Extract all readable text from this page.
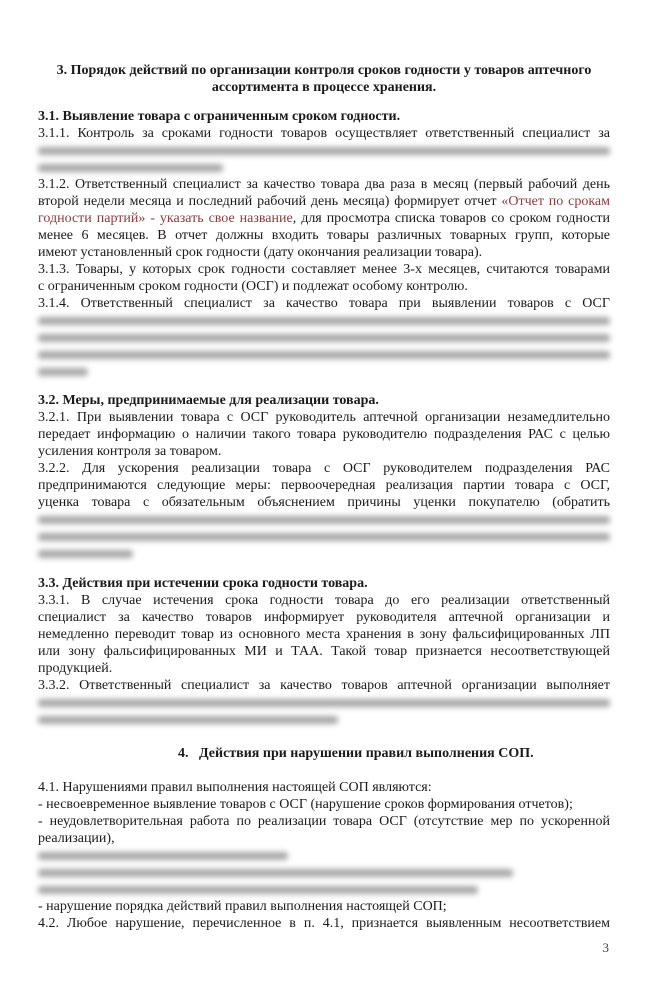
3. Порядок действий по организации контроля сроков годности у товаров аптечного
ассортимента в процессе хранения.
3.1. Выявление товара с ограниченным сроком годности.
3.1.1. Контроль за сроками годности товаров осуществляет ответственный специалист за
3.1.2. Ответственный специалист за качество товара два раза в месяц (первый рабочий день
второй недели месяца и последний рабочий день месяца) формирует отчет «Отчет по срокам
годности партий» - указать свое название, для просмотра списка товаров со сроком годности
менее 6 месяцев. В отчет должны входить товары различных товарных групп, которые
имеют установленный срок годности (дату окончания реализации товара).
3.1.3. Товары, у которых срок годности составляет менее 3-х месяцев, считаются товарами
с ограниченным сроком годности (ОСГ) и подлежат особому контролю.
3.1.4. Ответственный специалист за качество товара при выявлении товаров с ОСГ
3.2. Меры, предпринимаемые для реализации товара.
3.2.1. При выявлении товара с ОСГ руководитель аптечной организации незамедлительно
передает информацию о наличии такого товара руководителю подразделения РАС с целью
усиления контроля за товаром.
3.2.2. Для ускорения реализации товара с ОСГ руководителем подразделения РАС
предпринимаются следующие меры: первоочередная реализация партии товара с ОСГ,
уценка товара с обязательным объяснением причины уценки покупателю (обратить
3.3. Действия при истечении срока годности товара.
3.3.1. В случае истечения срока годности товара до его реализации ответственный
специалист за качество товаров информирует руководителя аптечной организации и
немедленно переводит товар из основного места хранения в зону фальсифицированных ЛП
или зону фальсифицированных МИ и ТАА. Такой товар признается несоответствующей
продукцией.
3.3.2. Ответственный специалист за качество товаров аптечной организации выполняет
4.   Действия при нарушении правил выполнения СОП.
4.1. Нарушениями правил выполнения настоящей СОП являются:
- несвоевременное выявление товаров с ОСГ (нарушение сроков формирования отчетов);
- неудовлетворительная работа по реализации товара ОСГ (отсутствие мер по ускоренной
реализации),
- нарушение порядка действий правил выполнения настоящей СОП;
4.2. Любое нарушение, перечисленное в п. 4.1, признается выявленным несоответствием
3
